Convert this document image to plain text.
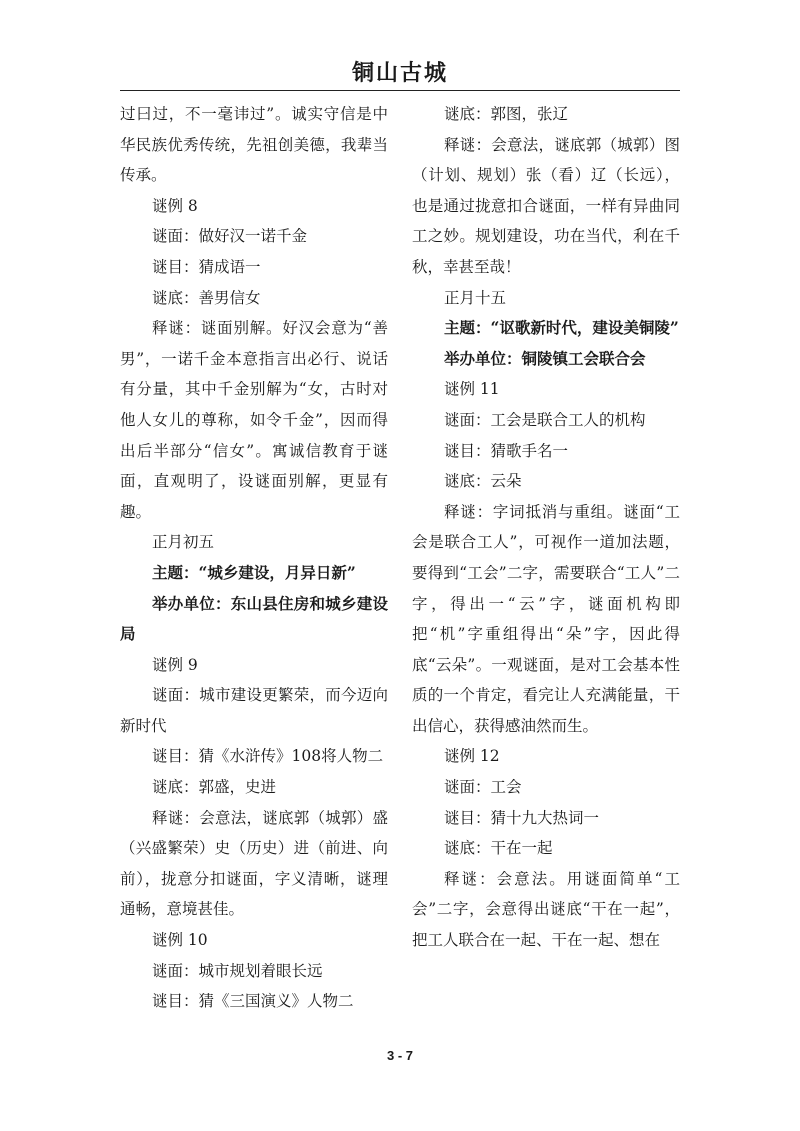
铜山古城

过曰过，不一毫讳过”。诚实守信是中华民族优秀传统，先祖创美德，我辈当传承。

谜例 8

谜面：做好汉一诺千金

谜目：猜成语一

谜底：善男信女

释谜：谜面别解。好汉会意为“善男”，一诺千金本意指言出必行、说话有分量，其中千金别解为“女，古时对他人女儿的尊称，如令千金”，因而得出后半部分“信女”。寓诚信教育于谜面，直观明了，设谜面别解，更显有趣。

正月初五

主题：“城乡建设，月异日新”

举办单位：东山县住房和城乡建设局

谜例 9

谜面：城市建设更繁荣，而今迈向新时代

谜目：猜《水浒传》108将人物二

谜底：郭盛，史进

释谜：会意法，谜底郭（城郭）盛（兴盛繁荣）史（历史）进（前进、向前），拢意分扣谜面，字义清晰，谜理通畅，意境甚佳。

谜例 10

谜面：城市规划着眼长远

谜目：猜《三国演义》人物二

谜底：郭图，张辽

释谜：会意法，谜底郭（城郭）图（计划、规划）张（看）辽（长远），也是通过拢意扣合谜面，一样有异曲同工之妙。规划建设，功在当代，利在千秋，幸甚至哉！

正月十五

主题：“讴歌新时代，建设美铜陵”

举办单位：铜陵镇工会联合会

谜例 11

谜面：工会是联合工人的机构

谜目：猜歌手名一

谜底：云朵

释谜：字词抵消与重组。谜面“工会是联合工人”，可视作一道加法题，要得到“工会”二字，需要联合“工人”二字，得出一“云”字，谜面机构即把“机”字重组得出“朵”字，因此得底“云朵”。一观谜面，是对工会基本性质的一个肯定，看完让人充满能量，干出信心，获得感油然而生。

谜例 12

谜面：工会

谜目：猜十九大热词一

谜底：干在一起

释谜：会意法。用谜面简单“工会”二字，会意得出谜底“干在一起”，把工人联合在一起、干在一起、想在

3 - 7
